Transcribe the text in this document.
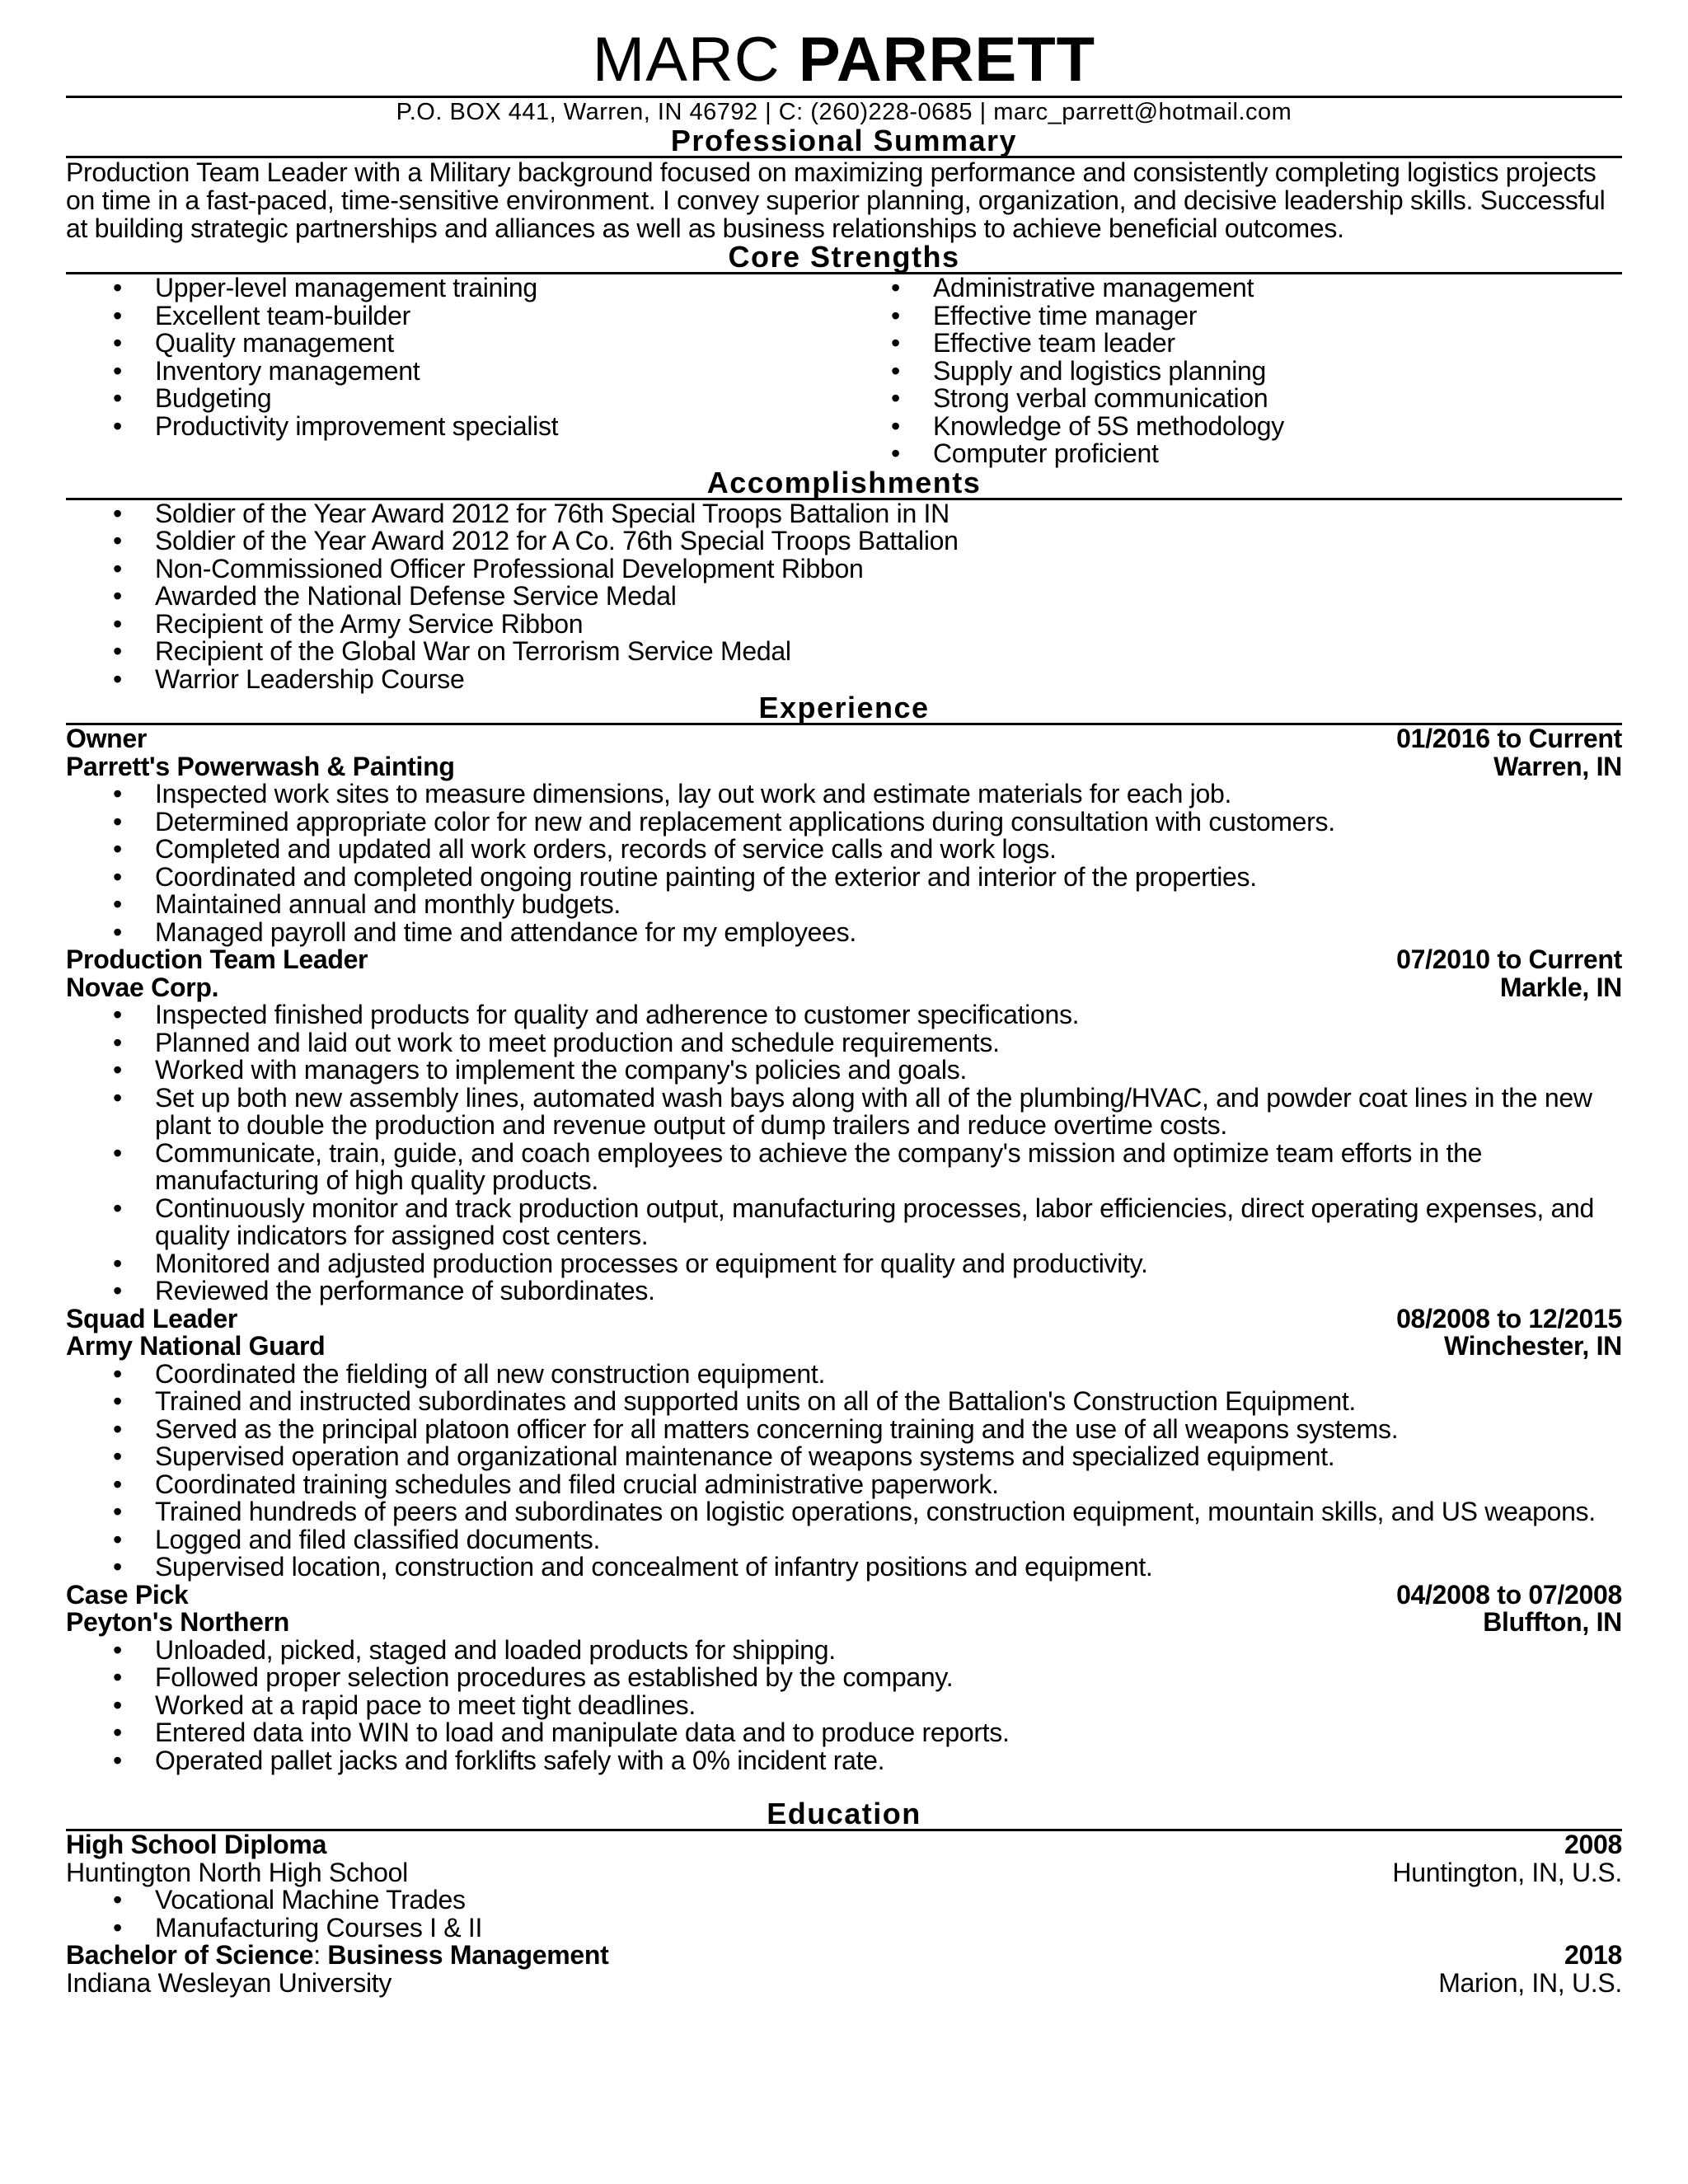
MARC PARRETT
P.O. BOX 441, Warren, IN 46792 | C: (260)228-0685 | marc_parrett@hotmail.com
Professional Summary
Production Team Leader with a Military background focused on maximizing performance and consistently completing logistics projects on time in a fast-paced, time-sensitive environment. I convey superior planning, organization, and decisive leadership skills. Successful at building strategic partnerships and alliances as well as business relationships to achieve beneficial outcomes.
Core Strengths
• Upper-level management training
• Excellent team-builder
• Quality management
• Inventory management
• Budgeting
• Productivity improvement specialist
• Administrative management
• Effective time manager
• Effective team leader
• Supply and logistics planning
• Strong verbal communication
• Knowledge of 5S methodology
• Computer proficient
Accomplishments
• Soldier of the Year Award 2012 for 76th Special Troops Battalion in IN
• Soldier of the Year Award 2012 for A Co. 76th Special Troops Battalion
• Non-Commissioned Officer Professional Development Ribbon
• Awarded the National Defense Service Medal
• Recipient of the Army Service Ribbon
• Recipient of the Global War on Terrorism Service Medal
• Warrior Leadership Course
Experience
Owner	01/2016 to Current
Parrett's Powerwash & Painting	Warren, IN
• Inspected work sites to measure dimensions, lay out work and estimate materials for each job.
• Determined appropriate color for new and replacement applications during consultation with customers.
• Completed and updated all work orders, records of service calls and work logs.
• Coordinated and completed ongoing routine painting of the exterior and interior of the properties.
• Maintained annual and monthly budgets.
• Managed payroll and time and attendance for my employees.
Production Team Leader	07/2010 to Current
Novae Corp.	Markle, IN
• Inspected finished products for quality and adherence to customer specifications.
• Planned and laid out work to meet production and schedule requirements.
• Worked with managers to implement the company's policies and goals.
• Set up both new assembly lines, automated wash bays along with all of the plumbing/HVAC, and powder coat lines in the new plant to double the production and revenue output of dump trailers and reduce overtime costs.
• Communicate, train, guide, and coach employees to achieve the company's mission and optimize team efforts in the manufacturing of high quality products.
• Continuously monitor and track production output, manufacturing processes, labor efficiencies, direct operating expenses, and quality indicators for assigned cost centers.
• Monitored and adjusted production processes or equipment for quality and productivity.
• Reviewed the performance of subordinates.
Squad Leader	08/2008 to 12/2015
Army National Guard	Winchester, IN
• Coordinated the fielding of all new construction equipment.
• Trained and instructed subordinates and supported units on all of the Battalion's Construction Equipment.
• Served as the principal platoon officer for all matters concerning training and the use of all weapons systems.
• Supervised operation and organizational maintenance of weapons systems and specialized equipment.
• Coordinated training schedules and filed crucial administrative paperwork.
• Trained hundreds of peers and subordinates on logistic operations, construction equipment, mountain skills, and US weapons.
• Logged and filed classified documents.
• Supervised location, construction and concealment of infantry positions and equipment.
Case Pick	04/2008 to 07/2008
Peyton's Northern	Bluffton, IN
• Unloaded, picked, staged and loaded products for shipping.
• Followed proper selection procedures as established by the company.
• Worked at a rapid pace to meet tight deadlines.
• Entered data into WIN to load and manipulate data and to produce reports.
• Operated pallet jacks and forklifts safely with a 0% incident rate.
Education
High School Diploma	2008
Huntington North High School	Huntington, IN, U.S.
• Vocational Machine Trades
• Manufacturing Courses I & II
Bachelor of Science: Business Management	2018
Indiana Wesleyan University	Marion, IN, U.S.
